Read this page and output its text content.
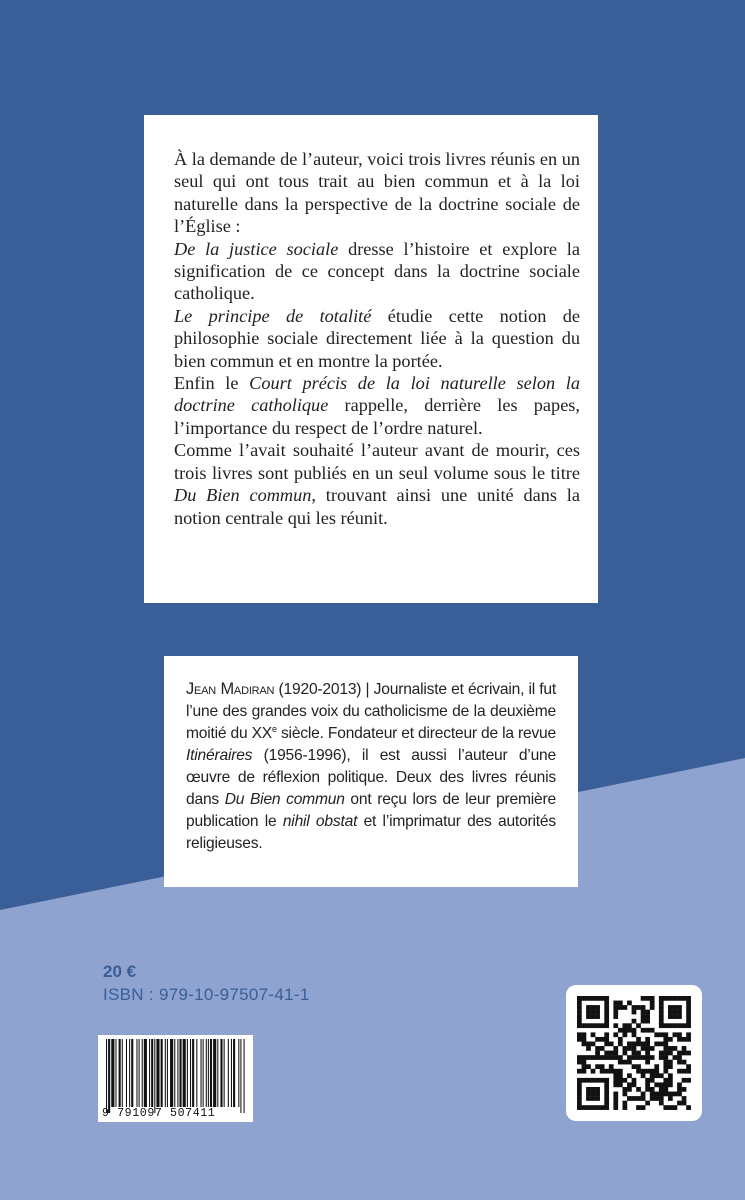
À la demande de l’auteur, voici trois livres réunis en un seul qui ont tous trait au bien commun et à la loi naturelle dans la perspective de la doctrine sociale de l’Église :

De la justice sociale dresse l’histoire et explore la signification de ce concept dans la doctrine sociale catholique.

Le principe de totalité étudie cette notion de philosophie sociale directement liée à la question du bien commun et en montre la portée.

Enfin le Court précis de la loi naturelle selon la doctrine catholique rappelle, derrière les papes, l’importance du respect de l’ordre naturel.

Comme l’avait souhaité l’auteur avant de mourir, ces trois livres sont publiés en un seul volume sous le titre Du Bien commun, trouvant ainsi une unité dans la notion centrale qui les réunit.

Jean Madiran (1920-2013) | Journaliste et écrivain, il fut l’une des grandes voix du catholicisme de la deuxième moitié du XXe siècle. Fondateur et directeur de la revue Itinéraires (1956-1996), il est aussi l’auteur d’une œuvre de réflexion politique. Deux des livres réunis dans Du Bien commun ont reçu lors de leur première publication le nihil obstat et l’imprimatur des autorités religieuses.
20 €
ISBN : 979-10-97507-41-1
9 791097 507411
